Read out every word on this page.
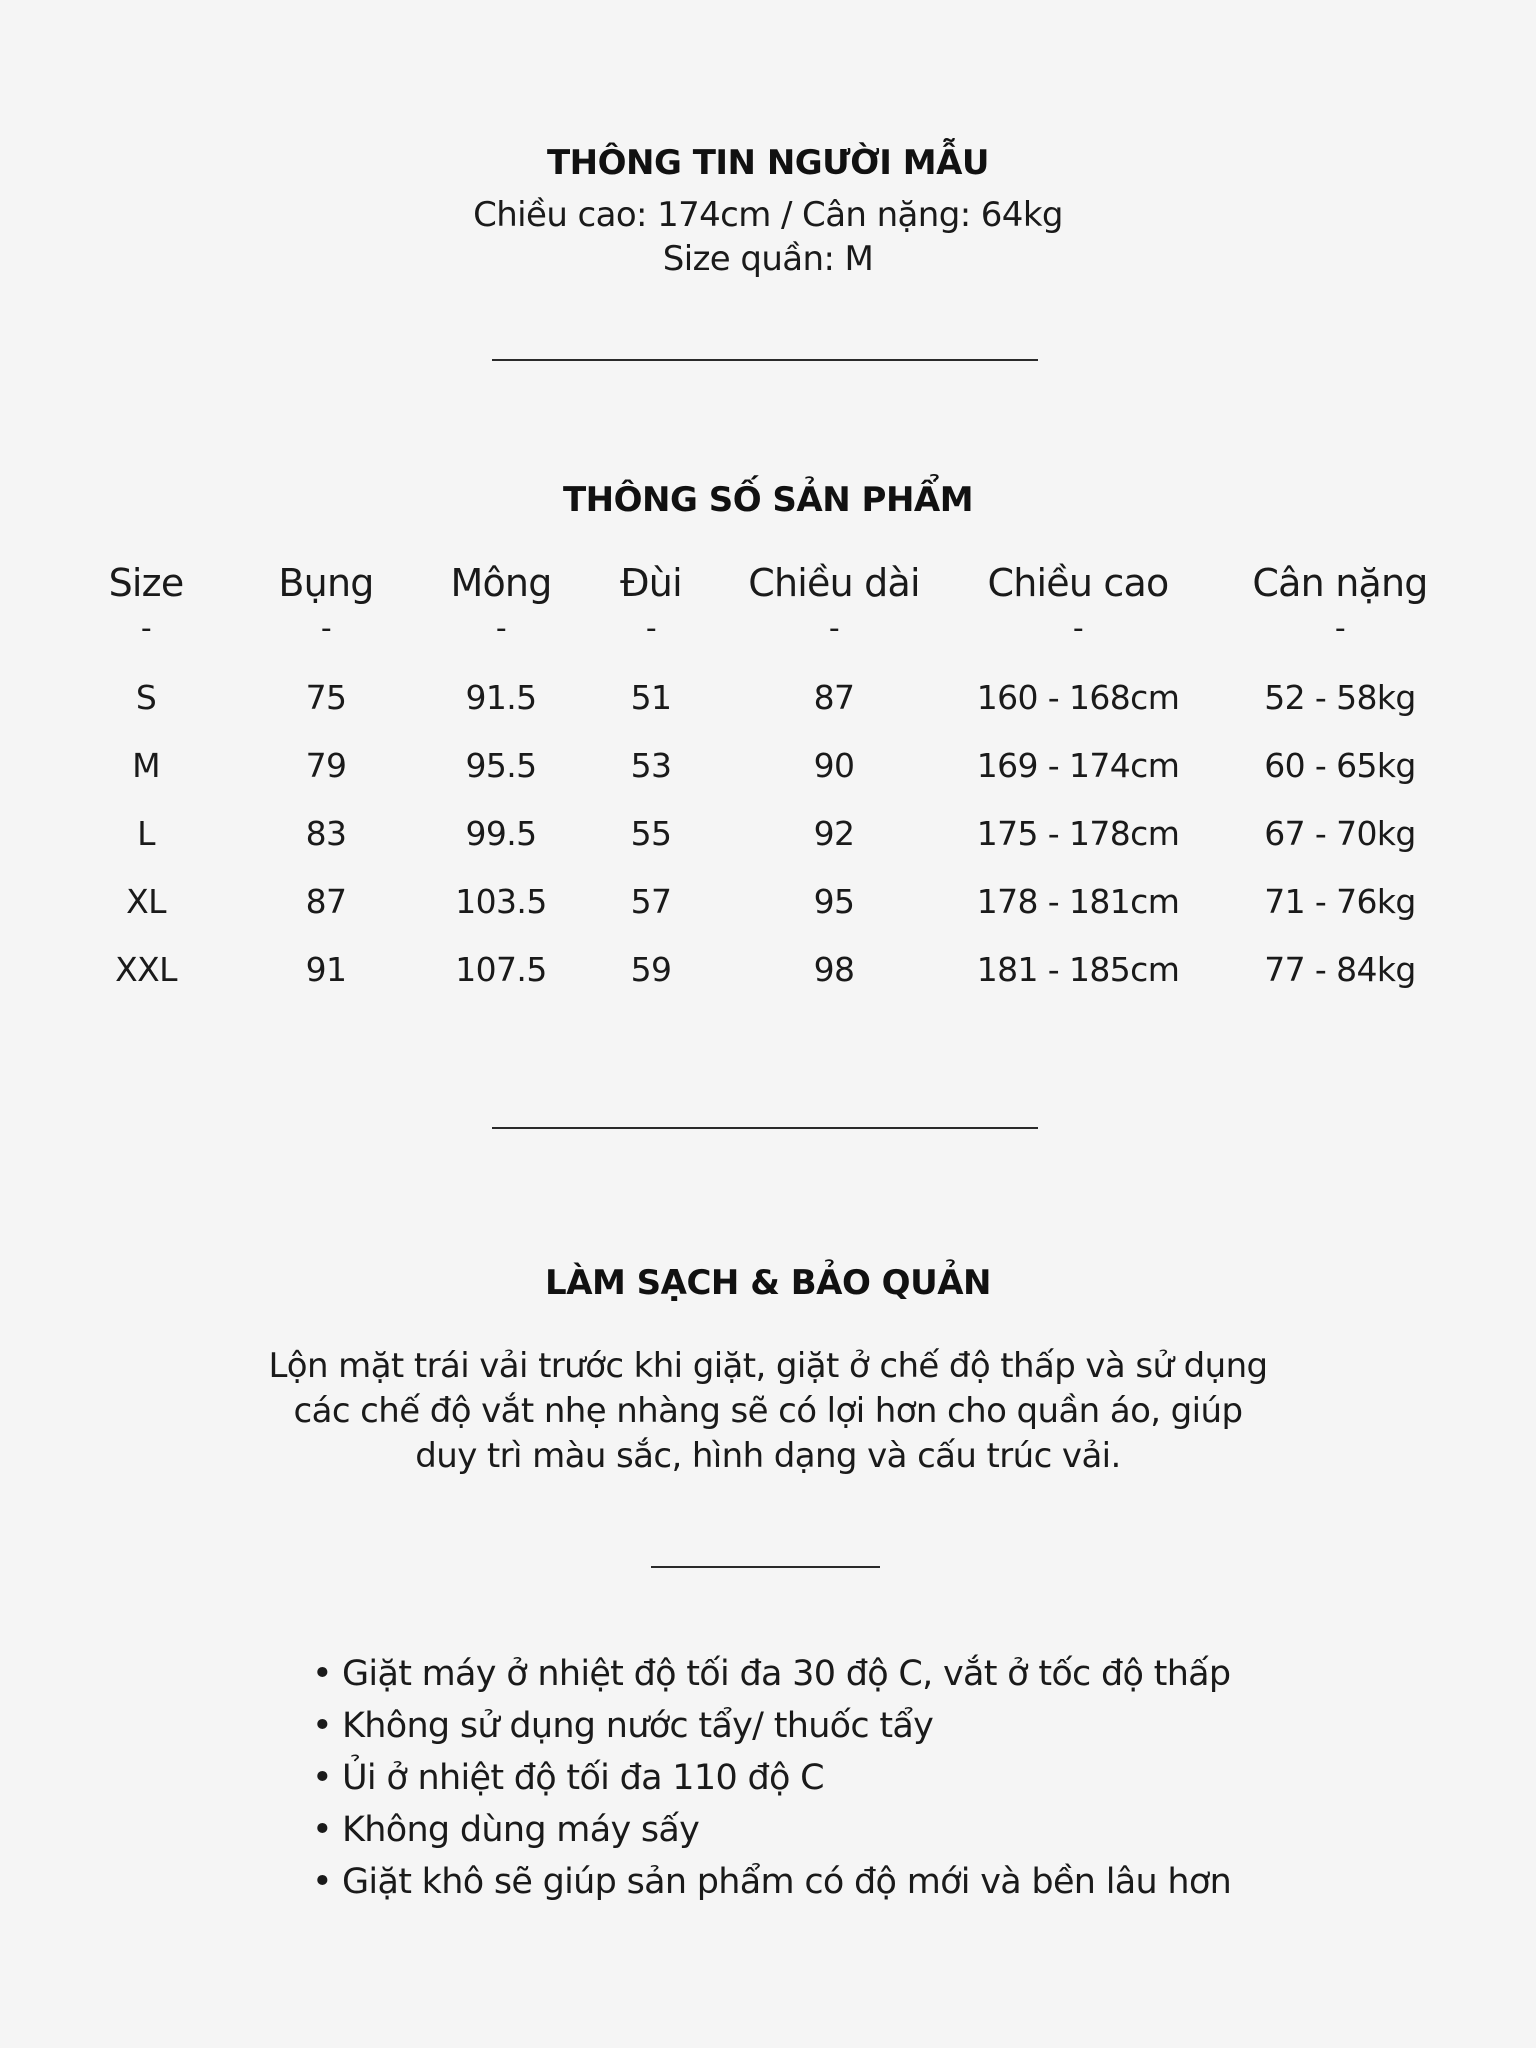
THÔNG TIN NGƯỜI MẪU
Chiều cao: 174cm / Cân nặng: 64kg
Size quần: M
THÔNG SỐ SẢN PHẨM
Size	Bụng	Mông	Đùi	Chiều dài	Chiều cao	Cân nặng
-	-	-	-	-	-	-
S	75	91.5	51	87	160 - 168cm	52 - 58kg
M	79	95.5	53	90	169 - 174cm	60 - 65kg
L	83	99.5	55	92	175 - 178cm	67 - 70kg
XL	87	103.5	57	95	178 - 181cm	71 - 76kg
XXL	91	107.5	59	98	181 - 185cm	77 - 84kg
LÀM SẠCH & BẢO QUẢN
Lộn mặt trái vải trước khi giặt, giặt ở chế độ thấp và sử dụng
các chế độ vắt nhẹ nhàng sẽ có lợi hơn cho quần áo, giúp
duy trì màu sắc, hình dạng và cấu trúc vải.
• Giặt máy ở nhiệt độ tối đa 30 độ C, vắt ở tốc độ thấp
• Không sử dụng nước tẩy/ thuốc tẩy
• Ủi ở nhiệt độ tối đa 110 độ C
• Không dùng máy sấy
• Giặt khô sẽ giúp sản phẩm có độ mới và bền lâu hơn
